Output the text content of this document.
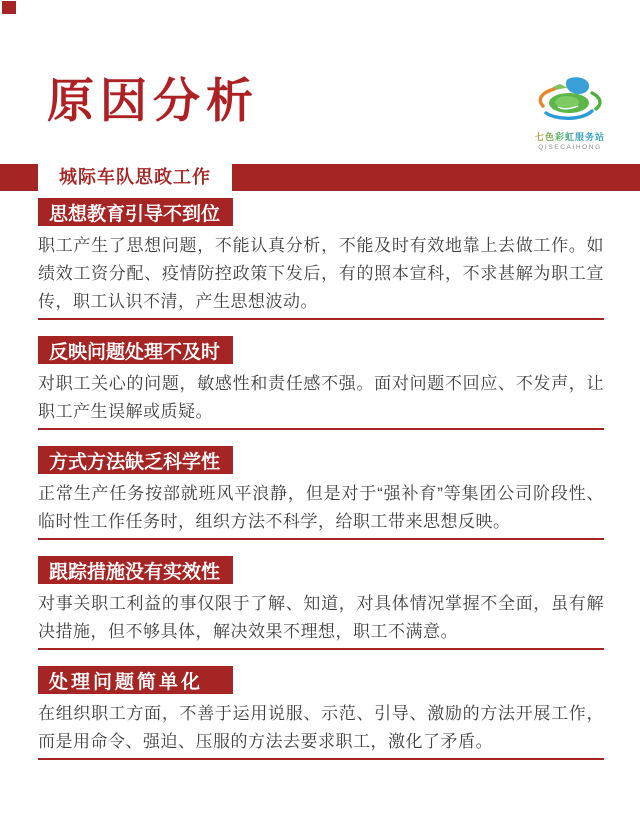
原因分析
七色彩虹服务站
QISECAIHONG
城际车队思政工作
思想教育引导不到位

职工产生了思想问题，不能认真分析，不能及时有效地靠上去做工作。如绩效工资分配、疫情防控政策下发后，有的照本宣科，不求甚解为职工宣传，职工认识不清，产生思想波动。

反映问题处理不及时

对职工关心的问题，敏感性和责任感不强。面对问题不回应、不发声，让职工产生误解或质疑。

方式方法缺乏科学性

正常生产任务按部就班风平浪静，但是对于“强补育”等集团公司阶段性、临时性工作任务时，组织方法不科学，给职工带来思想反映。

跟踪措施没有实效性

对事关职工利益的事仅限于了解、知道，对具体情况掌握不全面，虽有解决措施，但不够具体，解决效果不理想，职工不满意。

处理问题简单化

在组织职工方面，不善于运用说服、示范、引导、激励的方法开展工作，而是用命令、强迫、压服的方法去要求职工，激化了矛盾。
